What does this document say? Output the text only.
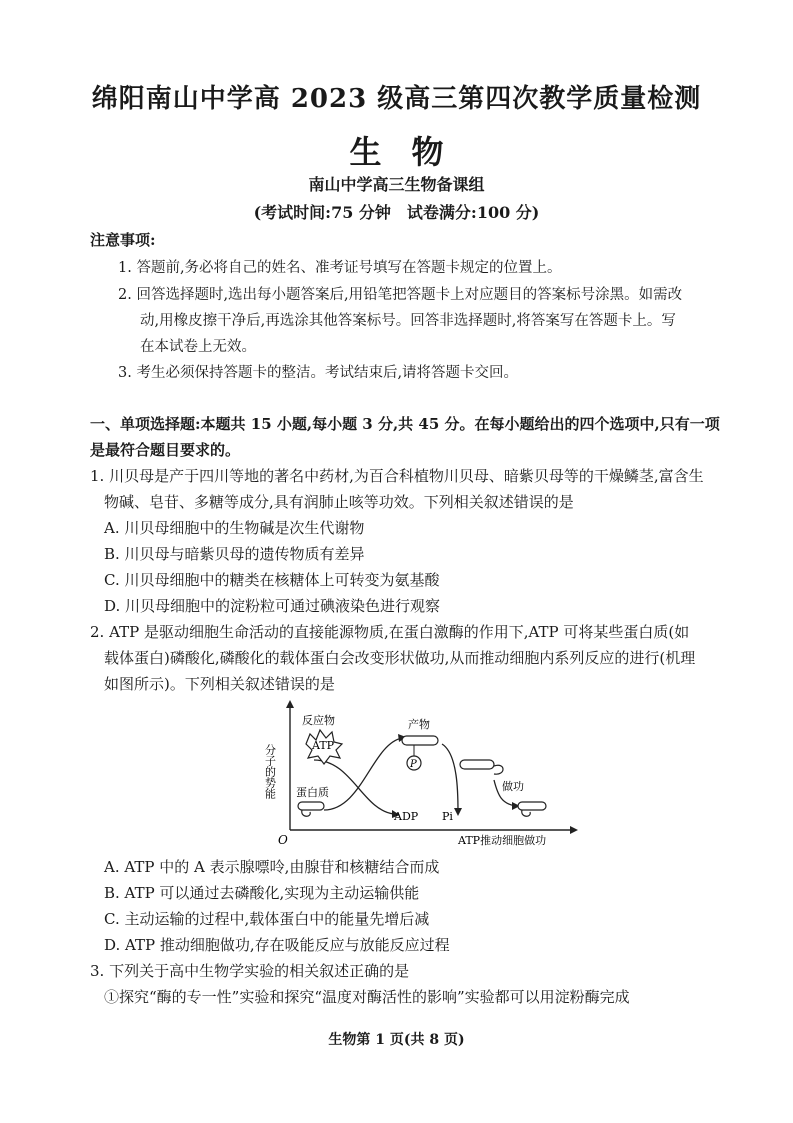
绵阳南山中学高 2023 级高三第四次教学质量检测
生物
南山中学高三生物备课组
(考试时间:75 分钟　试卷满分:100 分)
注意事项:
1. 答题前,务必将自己的姓名、准考证号填写在答题卡规定的位置上。
2. 回答选择题时,选出每小题答案后,用铅笔把答题卡上对应题目的答案标号涂黑。如需改
动,用橡皮擦干净后,再选涂其他答案标号。回答非选择题时,将答案写在答题卡上。写
在本试卷上无效。
3. 考生必须保持答题卡的整洁。考试结束后,请将答题卡交回。
一、单项选择题:本题共 15 小题,每小题 3 分,共 45 分。在每小题给出的四个选项中,只有一项
是最符合题目要求的。
1. 川贝母是产于四川等地的著名中药材,为百合科植物川贝母、暗紫贝母等的干燥鳞茎,富含生
物碱、皂苷、多糖等成分,具有润肺止咳等功效。下列相关叙述错误的是
A. 川贝母细胞中的生物碱是次生代谢物
B. 川贝母与暗紫贝母的遗传物质有差异
C. 川贝母细胞中的糖类在核糖体上可转变为氨基酸
D. 川贝母细胞中的淀粉粒可通过碘液染色进行观察
2. ATP 是驱动细胞生命活动的直接能源物质,在蛋白激酶的作用下,ATP 可将某些蛋白质(如
载体蛋白)磷酸化,磷酸化的载体蛋白会改变形状做功,从而推动细胞内系列反应的进行(机理
如图所示)。下列相关叙述错误的是
分子的势能
O
反应物
ATP
蛋白质
产物
P
做功
ADP Pi
ATP推动细胞做功
A. ATP 中的 A 表示腺嘌呤,由腺苷和核糖结合而成
B. ATP 可以通过去磷酸化,实现为主动运输供能
C. 主动运输的过程中,载体蛋白中的能量先增后减
D. ATP 推动细胞做功,存在吸能反应与放能反应过程
3. 下列关于高中生物学实验的相关叙述正确的是
①探究“酶的专一性”实验和探究“温度对酶活性的影响”实验都可以用淀粉酶完成
生物第 1 页(共 8 页)
